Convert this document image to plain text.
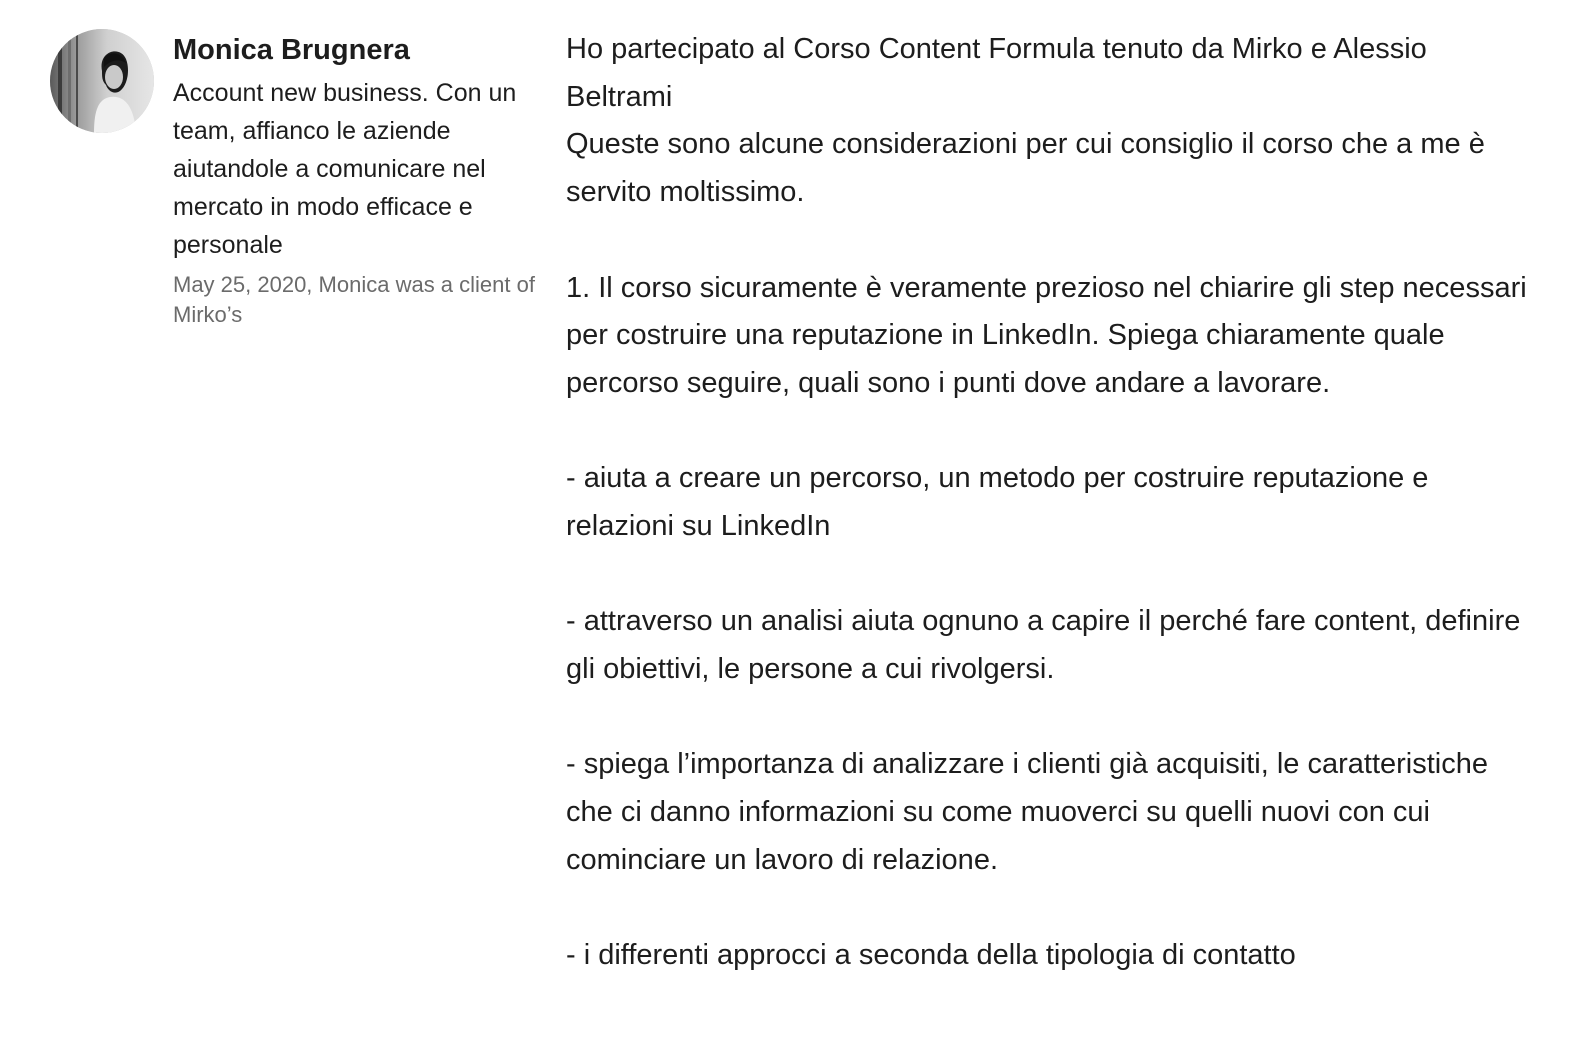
Monica Brugnera
Account new business. Con un team, affianco le aziende aiutandole a comunicare nel mercato in modo efficace e personale
May 25, 2020, Monica was a client of Mirko’s

Ho partecipato al Corso Content Formula tenuto da Mirko e Alessio Beltrami

Queste sono alcune considerazioni per cui consiglio il corso che a me è servito moltissimo.

1. Il corso sicuramente è veramente prezioso nel chiarire gli step necessari per costruire una reputazione in LinkedIn. Spiega chiaramente quale percorso seguire, quali sono i punti dove andare a lavorare.

- aiuta a creare un percorso, un metodo per costruire reputazione e relazioni su LinkedIn

- attraverso un analisi aiuta ognuno a capire il perché fare content, definire gli obiettivi, le persone a cui rivolgersi.

- spiega l’importanza di analizzare i clienti già acquisiti, le caratteristiche che ci danno informazioni su come muoverci su quelli nuovi con cui cominciare un lavoro di relazione.

- i differenti approcci a seconda della tipologia di contatto
